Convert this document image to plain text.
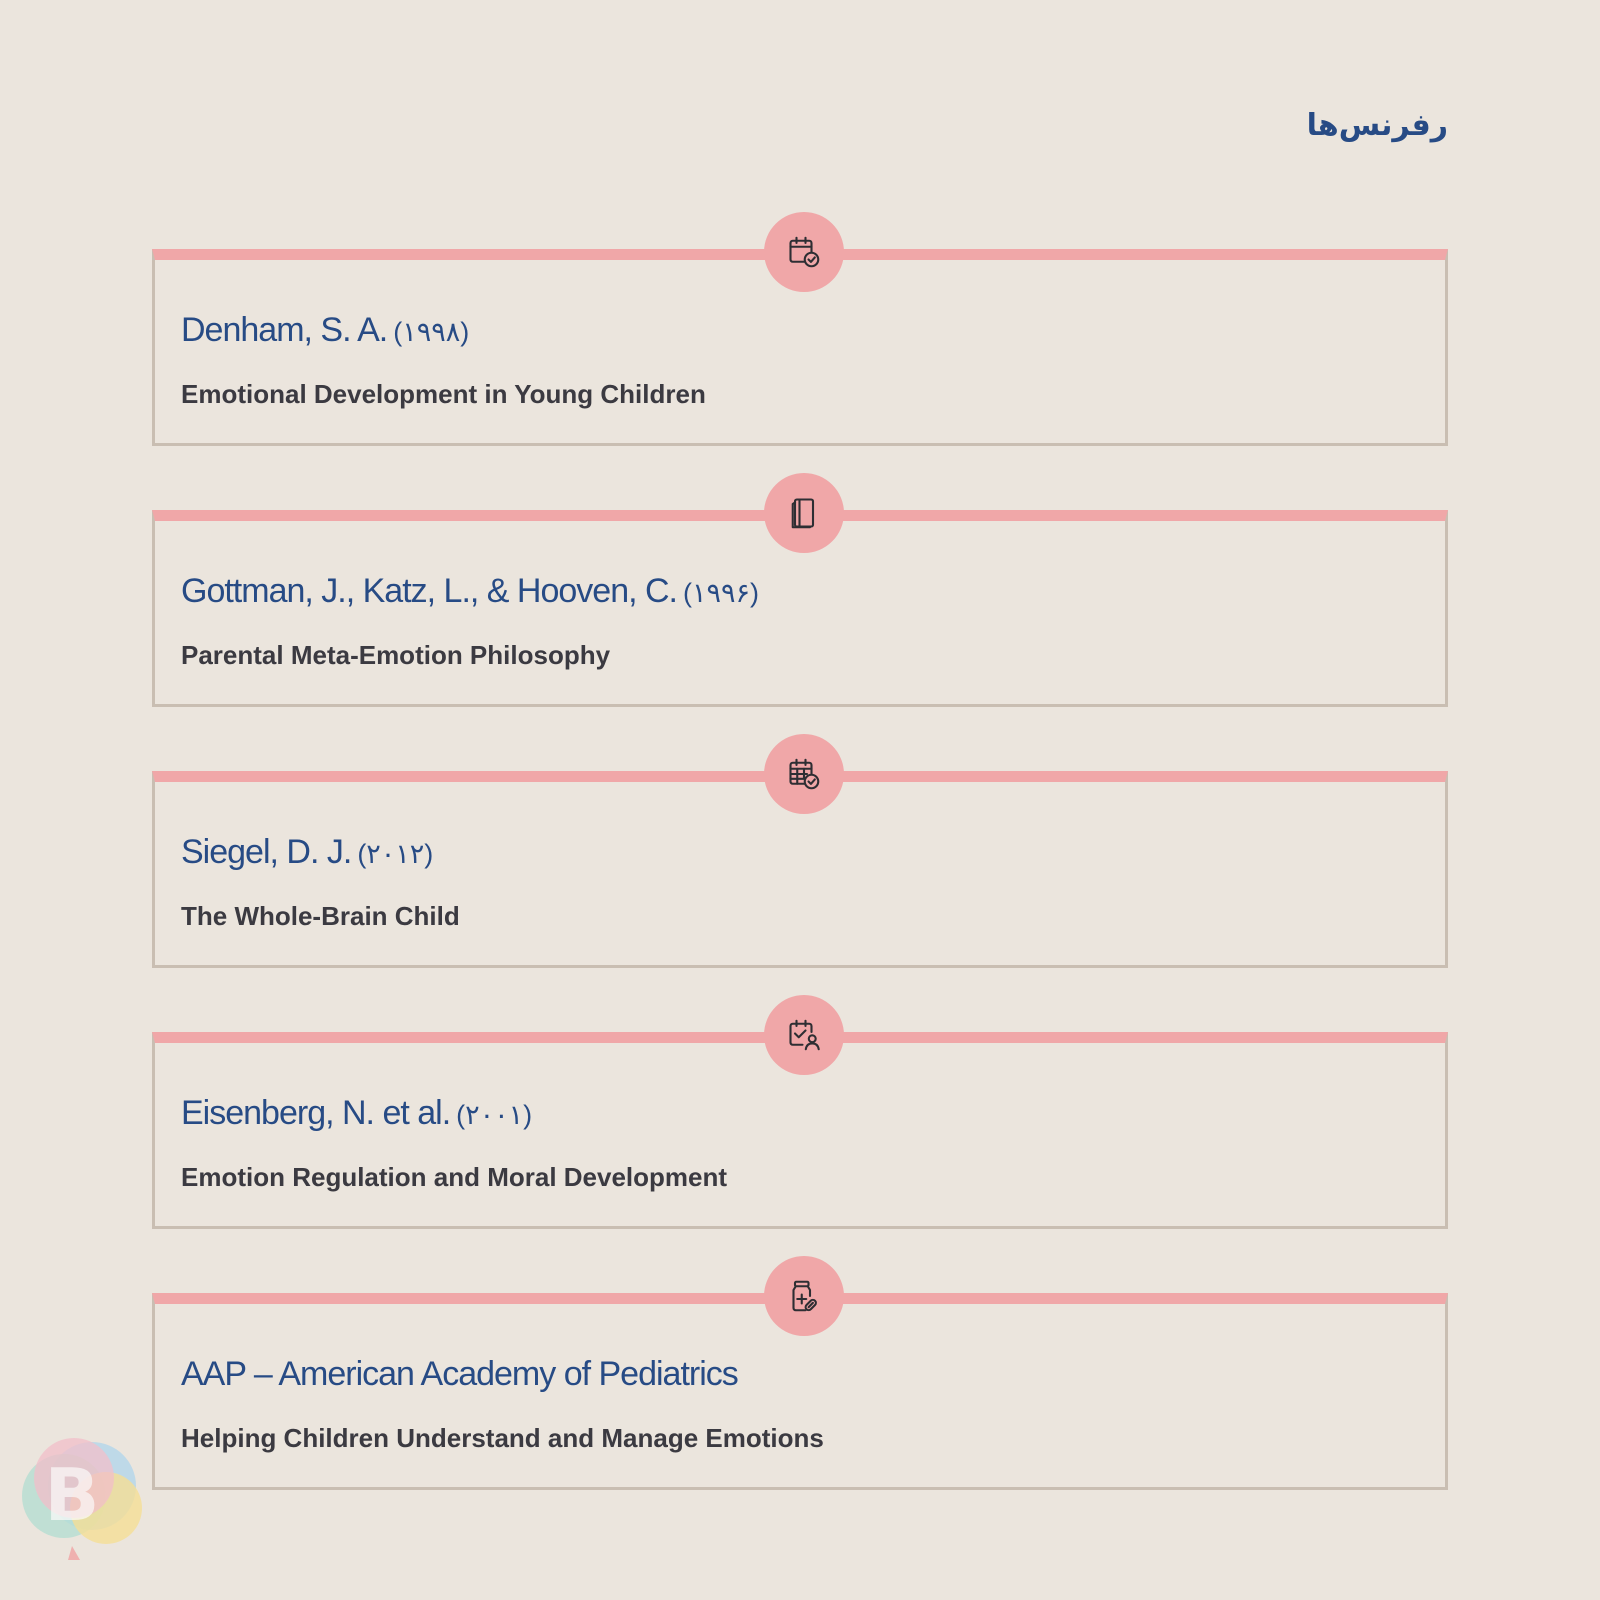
رفرنس‌ها

Denham, S. A. (۱۹۹۸)

Emotional Development in Young Children

Gottman, J., Katz, L., & Hooven, C. (۱۹۹۶)

Parental Meta-Emotion Philosophy

Siegel, D. J. (۲۰۱۲)

The Whole-Brain Child

Eisenberg, N. et al. (۲۰۰۱)

Emotion Regulation and Moral Development

AAP – American Academy of Pediatrics

Helping Children Understand and Manage Emotions

B
